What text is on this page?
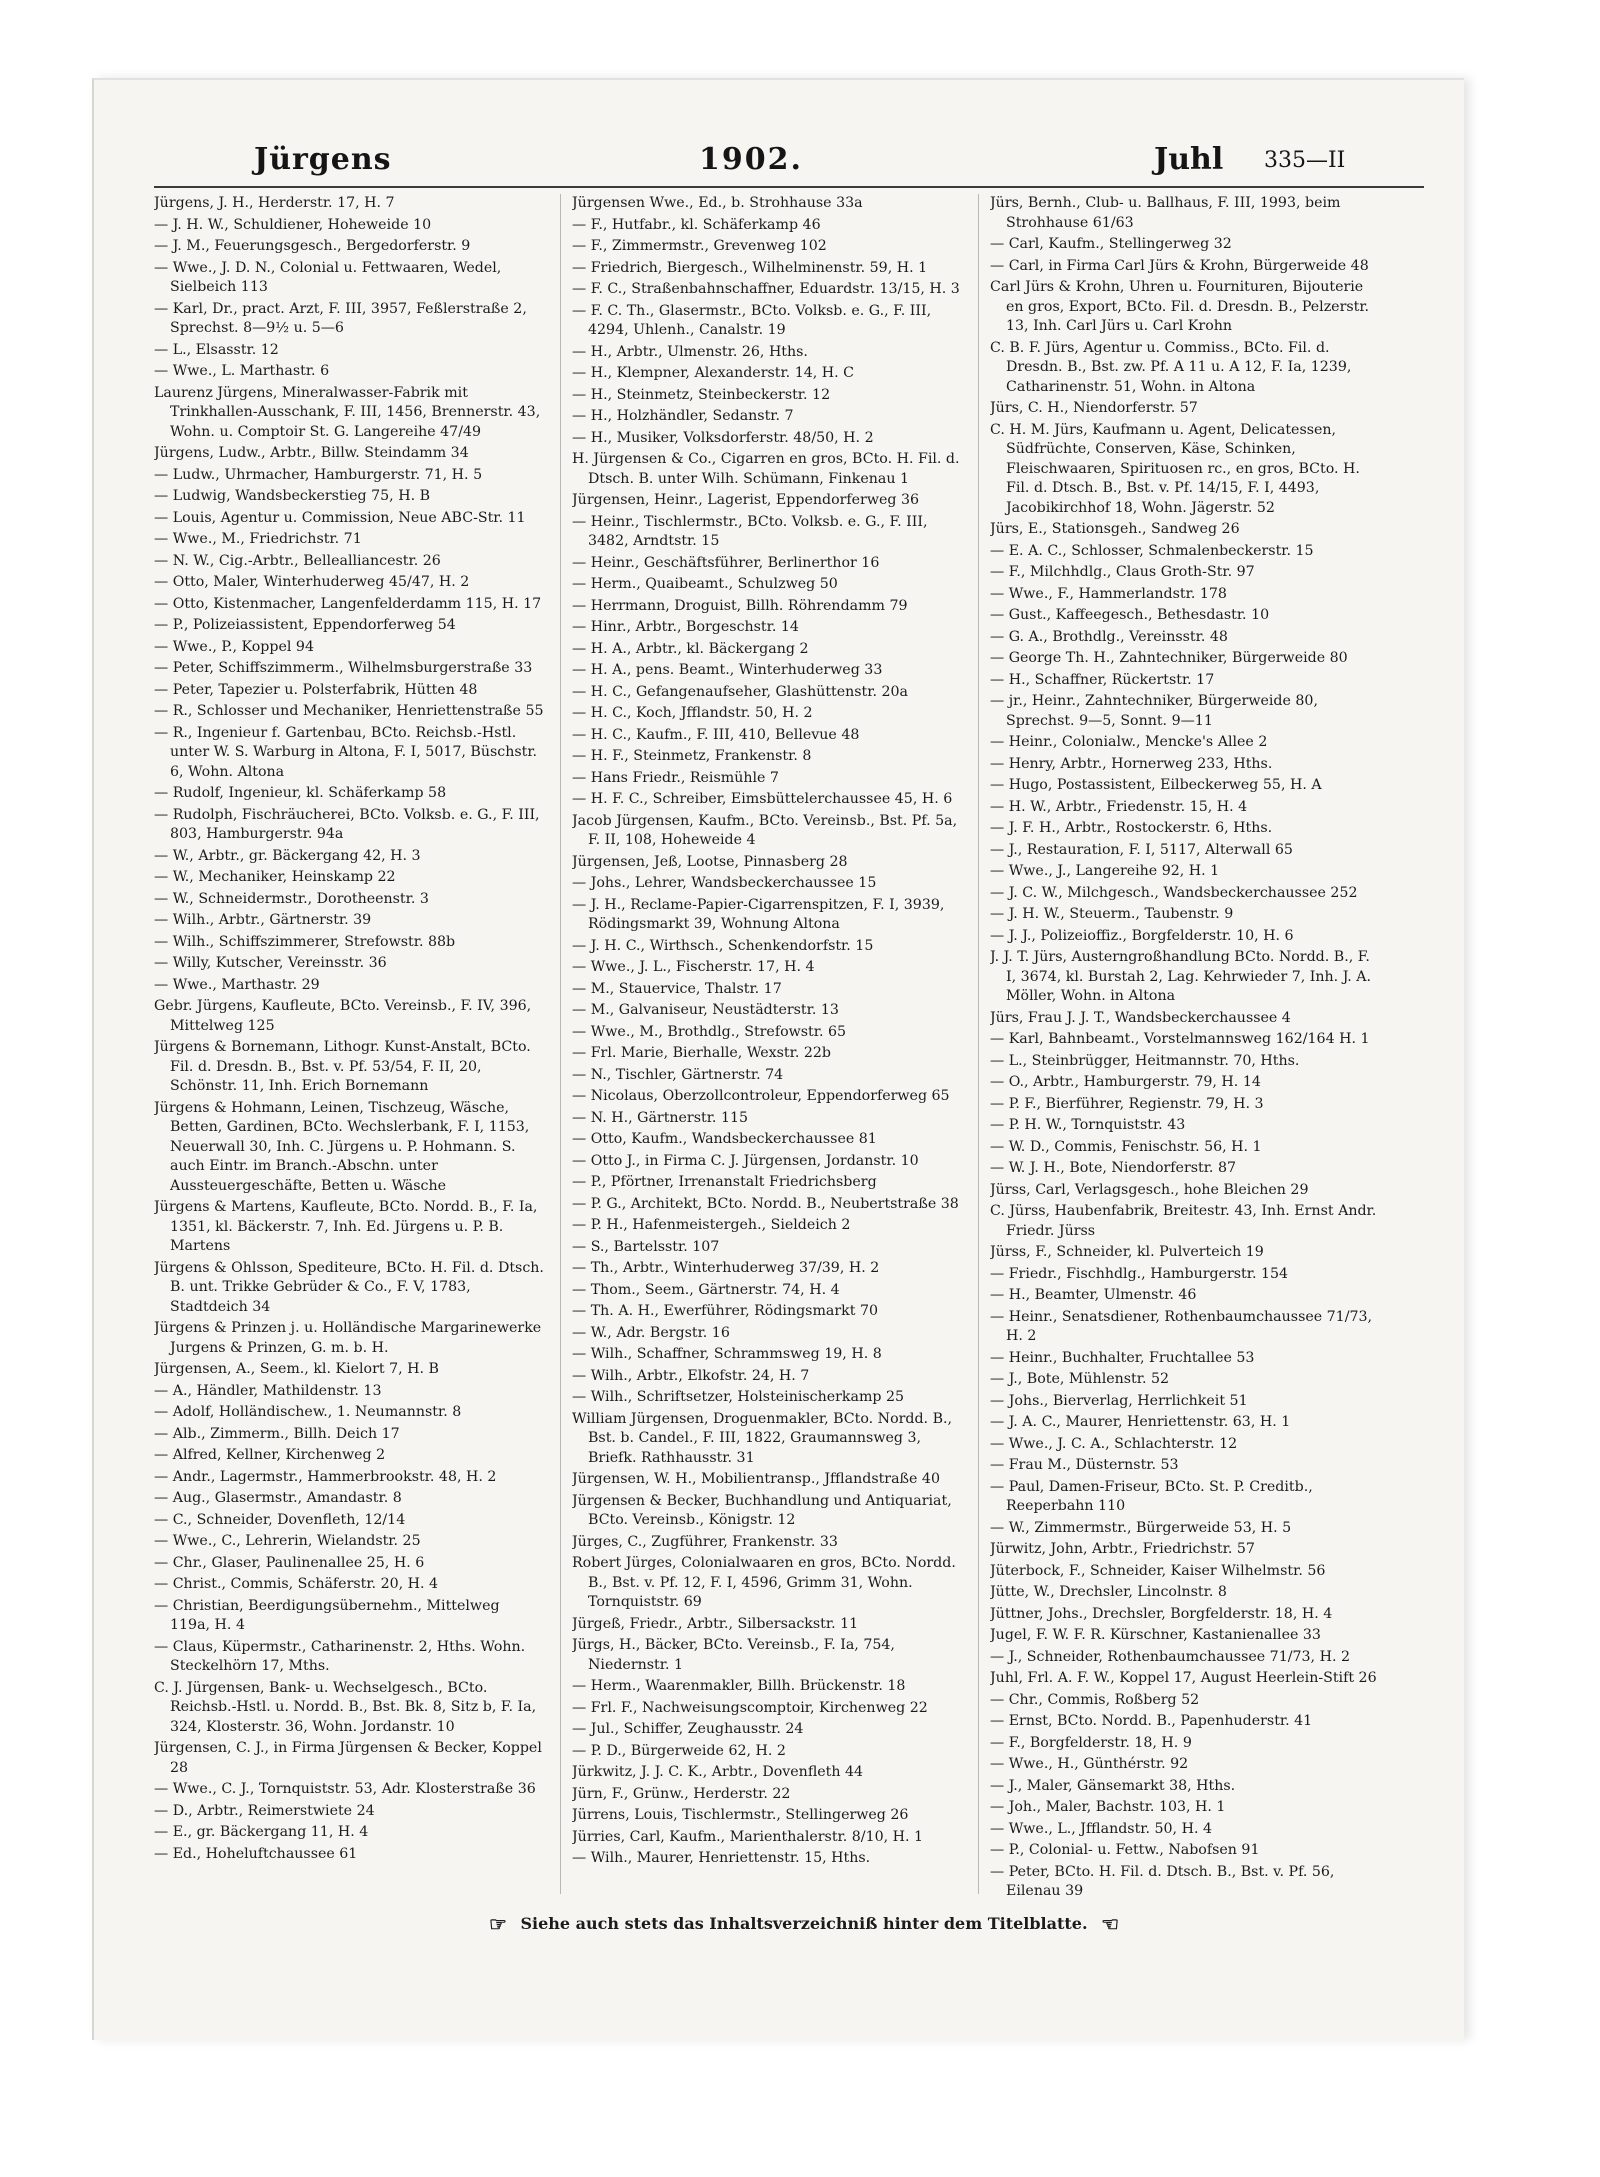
Jürgens	1902.	Juhl 335—II
Jürgens, J. H., Herderstr. 17, H. 7
— J. H. W., Schuldiener, Hoheweide 10
— J. M., Feuerungsgesch., Bergedorferstr. 9
— Wwe., J. D. N., Colonial u. Fettwaaren, Wedel, Sielbeich 113
— Karl, Dr., pract. Arzt, F. III, 3957, Feßlerstraße 2, Sprechst. 8—9½ u. 5—6
— L., Elsasstr. 12
— Wwe., L. Marthastr. 6
Laurenz Jürgens, Mineralwasser-Fabrik mit Trinkhallen-Ausschank, F. III, 1456, Brennerstr. 43, Wohn. u. Comptoir St. G. Langereihe 47/49
Jürgens, Ludw., Arbtr., Billw. Steindamm 34
— Ludw., Uhrmacher, Hamburgerstr. 71, H. 5
— Ludwig, Wandsbeckerstieg 75, H. B
— Louis, Agentur u. Commission, Neue ABC-Str. 11
— Wwe., M., Friedrichstr. 71
— N. W., Cig.-Arbtr., Bellealliancestr. 26
— Otto, Maler, Winterhuderweg 45/47, H. 2
— Otto, Kistenmacher, Langenfelderdamm 115, H. 17
— P., Polizeiassistent, Eppendorferweg 54
— Wwe., P., Koppel 94
— Peter, Schiffszimmerm., Wilhelmsburgerstraße 33
— Peter, Tapezier u. Polsterfabrik, Hütten 48
— R., Schlosser und Mechaniker, Henriettenstraße 55
— R., Ingenieur f. Gartenbau, BCto. Reichsb.-Hstl. unter W. S. Warburg in Altona, F. I, 5017, Büschstr. 6, Wohn. Altona
— Rudolf, Ingenieur, kl. Schäferkamp 58
— Rudolph, Fischräucherei, BCto. Volksb. e. G., F. III, 803, Hamburgerstr. 94a
— W., Arbtr., gr. Bäckergang 42, H. 3
— W., Mechaniker, Heinskamp 22
— W., Schneidermstr., Dorotheenstr. 3
— Wilh., Arbtr., Gärtnerstr. 39
— Wilh., Schiffszimmerer, Strefowstr. 88b
— Willy, Kutscher, Vereinsstr. 36
— Wwe., Marthastr. 29
Gebr. Jürgens, Kaufleute, BCto. Vereinsb., F. IV, 396, Mittelweg 125
Jürgens & Bornemann, Lithogr. Kunst-Anstalt, BCto. Fil. d. Dresdn. B., Bst. v. Pf. 53/54, F. II, 20, Schönstr. 11, Inh. Erich Bornemann
Jürgens & Hohmann, Leinen, Tischzeug, Wäsche, Betten, Gardinen, BCto. Wechslerbank, F. I, 1153, Neuerwall 30, Inh. C. Jürgens u. P. Hohmann. S. auch Eintr. im Branch.-Abschn. unter Aussteuergeschäfte, Betten u. Wäsche
Jürgens & Martens, Kaufleute, BCto. Nordd. B., F. Ia, 1351, kl. Bäckerstr. 7, Inh. Ed. Jürgens u. P. B. Martens
Jürgens & Ohlsson, Spediteure, BCto. H. Fil. d. Dtsch. B. unt. Trikke Gebrüder & Co., F. V, 1783, Stadtdeich 34
Jürgens & Prinzen j. u. Holländische Margarinewerke Jurgens & Prinzen, G. m. b. H.
Jürgensen, A., Seem., kl. Kielort 7, H. B
— A., Händler, Mathildenstr. 13
— Adolf, Holländischew., 1. Neumannstr. 8
— Alb., Zimmerm., Billh. Deich 17
— Alfred, Kellner, Kirchenweg 2
— Andr., Lagermstr., Hammerbrookstr. 48, H. 2
— Aug., Glasermstr., Amandastr. 8
— C., Schneider, Dovenfleth, 12/14
— Wwe., C., Lehrerin, Wielandstr. 25
— Chr., Glaser, Paulinenallee 25, H. 6
— Christ., Commis, Schäferstr. 20, H. 4
— Christian, Beerdigungsübernehm., Mittelweg 119a, H. 4
— Claus, Küpermstr., Catharinenstr. 2, Hths. Wohn. Steckelhörn 17, Mths.
C. J. Jürgensen, Bank- u. Wechselgesch., BCto. Reichsb.-Hstl. u. Nordd. B., Bst. Bk. 8, Sitz b, F. Ia, 324, Klosterstr. 36, Wohn. Jordanstr. 10
Jürgensen, C. J., in Firma Jürgensen & Becker, Koppel 28
— Wwe., C. J., Tornquiststr. 53, Adr. Klosterstraße 36
— D., Arbtr., Reimerstwiete 24
— E., gr. Bäckergang 11, H. 4
— Ed., Hoheluftchaussee 61
Jürgensen Wwe., Ed., b. Strohhause 33a
— F., Hutfabr., kl. Schäferkamp 46
— F., Zimmermstr., Grevenweg 102
— Friedrich, Biergesch., Wilhelminenstr. 59, H. 1
— F. C., Straßenbahnschaffner, Eduardstr. 13/15, H. 3
— F. C. Th., Glasermstr., BCto. Volksb. e. G., F. III, 4294, Uhlenh., Canalstr. 19
— H., Arbtr., Ulmenstr. 26, Hths.
— H., Klempner, Alexanderstr. 14, H. C
— H., Steinmetz, Steinbeckerstr. 12
— H., Holzhändler, Sedanstr. 7
— H., Musiker, Volksdorferstr. 48/50, H. 2
H. Jürgensen & Co., Cigarren en gros, BCto. H. Fil. d. Dtsch. B. unter Wilh. Schümann, Finkenau 1
Jürgensen, Heinr., Lagerist, Eppendorferweg 36
— Heinr., Tischlermstr., BCto. Volksb. e. G., F. III, 3482, Arndtstr. 15
— Heinr., Geschäftsführer, Berlinerthor 16
— Herm., Quaibeamt., Schulzweg 50
— Herrmann, Droguist, Billh. Röhrendamm 79
— Hinr., Arbtr., Borgeschstr. 14
— H. A., Arbtr., kl. Bäckergang 2
— H. A., pens. Beamt., Winterhuderweg 33
— H. C., Gefangenaufseher, Glashüttenstr. 20a
— H. C., Koch, Jfflandstr. 50, H. 2
— H. C., Kaufm., F. III, 410, Bellevue 48
— H. F., Steinmetz, Frankenstr. 8
— Hans Friedr., Reismühle 7
— H. F. C., Schreiber, Eimsbüttelerchaussee 45, H. 6
Jacob Jürgensen, Kaufm., BCto. Vereinsb., Bst. Pf. 5a, F. II, 108, Hoheweide 4
Jürgensen, Jeß, Lootse, Pinnasberg 28
— Johs., Lehrer, Wandsbeckerchaussee 15
— J. H., Reclame-Papier-Cigarrenspitzen, F. I, 3939, Rödingsmarkt 39, Wohnung Altona
— J. H. C., Wirthsch., Schenkendorfstr. 15
— Wwe., J. L., Fischerstr. 17, H. 4
— M., Stauervice, Thalstr. 17
— M., Galvaniseur, Neustädterstr. 13
— Wwe., M., Brothdlg., Strefowstr. 65
— Frl. Marie, Bierhalle, Wexstr. 22b
— N., Tischler, Gärtnerstr. 74
— Nicolaus, Oberzollcontroleur, Eppendorferweg 65
— N. H., Gärtnerstr. 115
— Otto, Kaufm., Wandsbeckerchaussee 81
— Otto J., in Firma C. J. Jürgensen, Jordanstr. 10
— P., Pförtner, Irrenanstalt Friedrichsberg
— P. G., Architekt, BCto. Nordd. B., Neubertstraße 38
— P. H., Hafenmeistergeh., Sieldeich 2
— S., Bartelsstr. 107
— Th., Arbtr., Winterhuderweg 37/39, H. 2
— Thom., Seem., Gärtnerstr. 74, H. 4
— Th. A. H., Ewerführer, Rödingsmarkt 70
— W., Adr. Bergstr. 16
— Wilh., Schaffner, Schrammsweg 19, H. 8
— Wilh., Arbtr., Elkofstr. 24, H. 7
— Wilh., Schriftsetzer, Holsteinischerkamp 25
William Jürgensen, Droguenmakler, BCto. Nordd. B., Bst. b. Candel., F. III, 1822, Graumannsweg 3, Briefk. Rathhausstr. 31
Jürgensen, W. H., Mobilientransp., Jfflandstraße 40
Jürgensen & Becker, Buchhandlung und Antiquariat, BCto. Vereinsb., Königstr. 12
Jürges, C., Zugführer, Frankenstr. 33
Robert Jürges, Colonialwaaren en gros, BCto. Nordd. B., Bst. v. Pf. 12, F. I, 4596, Grimm 31, Wohn. Tornquiststr. 69
Jürgeß, Friedr., Arbtr., Silbersackstr. 11
Jürgs, H., Bäcker, BCto. Vereinsb., F. Ia, 754, Niedernstr. 1
— Herm., Waarenmakler, Billh. Brückenstr. 18
— Frl. F., Nachweisungscomptoir, Kirchenweg 22
— Jul., Schiffer, Zeughausstr. 24
— P. D., Bürgerweide 62, H. 2
Jürkwitz, J. J. C. K., Arbtr., Dovenfleth 44
Jürn, F., Grünw., Herderstr. 22
Jürrens, Louis, Tischlermstr., Stellingerweg 26
Jürries, Carl, Kaufm., Marienthalerstr. 8/10, H. 1
— Wilh., Maurer, Henriettenstr. 15, Hths.
Jürs, Bernh., Club- u. Ballhaus, F. III, 1993, beim Strohhause 61/63
— Carl, Kaufm., Stellingerweg 32
— Carl, in Firma Carl Jürs & Krohn, Bürgerweide 48
Carl Jürs & Krohn, Uhren u. Fournituren, Bijouterie en gros, Export, BCto. Fil. d. Dresdn. B., Pelzerstr. 13, Inh. Carl Jürs u. Carl Krohn
C. B. F. Jürs, Agentur u. Commiss., BCto. Fil. d. Dresdn. B., Bst. zw. Pf. A 11 u. A 12, F. Ia, 1239, Catharinenstr. 51, Wohn. in Altona
Jürs, C. H., Niendorferstr. 57
C. H. M. Jürs, Kaufmann u. Agent, Delicatessen, Südfrüchte, Conserven, Käse, Schinken, Fleischwaaren, Spirituosen rc., en gros, BCto. H. Fil. d. Dtsch. B., Bst. v. Pf. 14/15, F. I, 4493, Jacobikirchhof 18, Wohn. Jägerstr. 52
Jürs, E., Stationsgeh., Sandweg 26
— E. A. C., Schlosser, Schmalenbeckerstr. 15
— F., Milchhdlg., Claus Groth-Str. 97
— Wwe., F., Hammerlandstr. 178
— Gust., Kaffeegesch., Bethesdastr. 10
— G. A., Brothdlg., Vereinsstr. 48
— George Th. H., Zahntechniker, Bürgerweide 80
— H., Schaffner, Rückertstr. 17
— jr., Heinr., Zahntechniker, Bürgerweide 80, Sprechst. 9—5, Sonnt. 9—11
— Heinr., Colonialw., Mencke's Allee 2
— Henry, Arbtr., Hornerweg 233, Hths.
— Hugo, Postassistent, Eilbeckerweg 55, H. A
— H. W., Arbtr., Friedenstr. 15, H. 4
— J. F. H., Arbtr., Rostockerstr. 6, Hths.
— J., Restauration, F. I, 5117, Alterwall 65
— Wwe., J., Langereihe 92, H. 1
— J. C. W., Milchgesch., Wandsbeckerchaussee 252
— J. H. W., Steuerm., Taubenstr. 9
— J. J., Polizeioffiz., Borgfelderstr. 10, H. 6
J. J. T. Jürs, Austerngroßhandlung BCto. Nordd. B., F. I, 3674, kl. Burstah 2, Lag. Kehrwieder 7, Inh. J. A. Möller, Wohn. in Altona
Jürs, Frau J. J. T., Wandsbeckerchaussee 4
— Karl, Bahnbeamt., Vorstelmannsweg 162/164 H. 1
— L., Steinbrügger, Heitmannstr. 70, Hths.
— O., Arbtr., Hamburgerstr. 79, H. 14
— P. F., Bierführer, Regienstr. 79, H. 3
— P. H. W., Tornquiststr. 43
— W. D., Commis, Fenischstr. 56, H. 1
— W. J. H., Bote, Niendorferstr. 87
Jürss, Carl, Verlagsgesch., hohe Bleichen 29
C. Jürss, Haubenfabrik, Breitestr. 43, Inh. Ernst Andr. Friedr. Jürss
Jürss, F., Schneider, kl. Pulverteich 19
— Friedr., Fischhdlg., Hamburgerstr. 154
— H., Beamter, Ulmenstr. 46
— Heinr., Senatsdiener, Rothenbaumchaussee 71/73, H. 2
— Heinr., Buchhalter, Fruchtallee 53
— J., Bote, Mühlenstr. 52
— Johs., Bierverlag, Herrlichkeit 51
— J. A. C., Maurer, Henriettenstr. 63, H. 1
— Wwe., J. C. A., Schlachterstr. 12
— Frau M., Düsternstr. 53
— Paul, Damen-Friseur, BCto. St. P. Creditb., Reeperbahn 110
— W., Zimmermstr., Bürgerweide 53, H. 5
Jürwitz, John, Arbtr., Friedrichstr. 57
Jüterbock, F., Schneider, Kaiser Wilhelmstr. 56
Jütte, W., Drechsler, Lincolnstr. 8
Jüttner, Johs., Drechsler, Borgfelderstr. 18, H. 4
Jugel, F. W. F. R. Kürschner, Kastanienallee 33
— J., Schneider, Rothenbaumchaussee 71/73, H. 2
Juhl, Frl. A. F. W., Koppel 17, August Heerlein-Stift 26
— Chr., Commis, Roßberg 52
— Ernst, BCto. Nordd. B., Papenhuderstr. 41
— F., Borgfelderstr. 18, H. 9
— Wwe., H., Günthérstr. 92
— J., Maler, Gänsemarkt 38, Hths.
— Joh., Maler, Bachstr. 103, H. 1
— Wwe., L., Jfflandstr. 50, H. 4
— P., Colonial- u. Fettw., Nabofsen 91
— Peter, BCto. H. Fil. d. Dtsch. B., Bst. v. Pf. 56, Eilenau 39
☞ Siehe auch stets das Inhaltsverzeichniß hinter dem Titelblatte. ☜
